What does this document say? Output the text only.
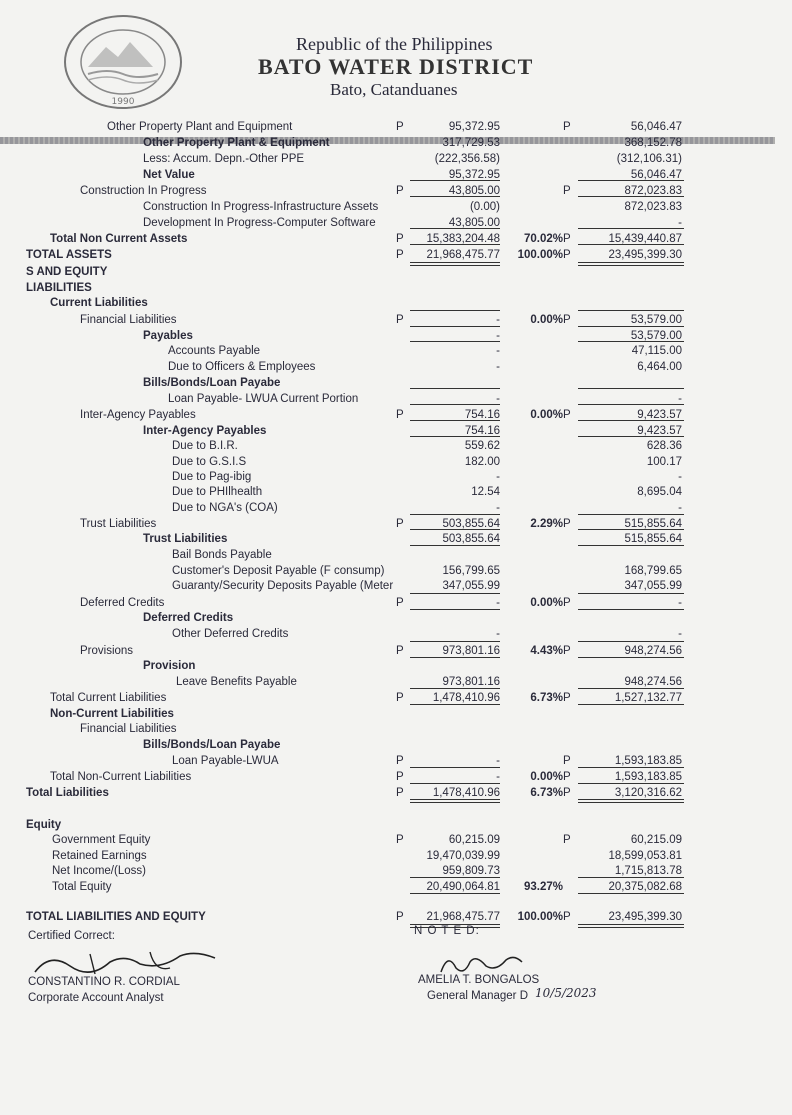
1990
Republic of the Philippines
BATO WATER DISTRICT
Bato, Catanduanes
Other Property Plant and Equipment	P	95,372.95	P	56,046.47
Other Property Plant & Equipment	317,729.53	368,152.78
Less: Accum. Depn.-Other PPE	(222,356.58)	(312,106.31)
Net Value	95,372.95	56,046.47
Construction In Progress	P	43,805.00	P	872,023.83
Construction In Progress-Infrastructure Assets	(0.00)	872,023.83
Development In Progress-Computer Software	43,805.00	-
Total Non Current Assets	P	15,383,204.48	70.02% P	15,439,440.87
TOTAL ASSETS	P	21,968,475.77	100.00% P	23,495,399.30
S AND EQUITY
LIABILITIES
Current Liabilities
Financial Liabilities	P	-	0.00% P	53,579.00
Payables	-	53,579.00
Accounts Payable	-	47,115.00
Due to Officers & Employees	-	6,464.00
Bills/Bonds/Loan Payabe
Loan Payable- LWUA Current Portion	-	-
Inter-Agency Payables	P	754.16	0.00% P	9,423.57
Inter-Agency Payables	754.16	9,423.57
Due to B.I.R.	559.62	628.36
Due to G.S.I.S	182.00	100.17
Due to Pag-ibig	-	-
Due to PHIlhealth	12.54	8,695.04
Due to NGA's (COA)	-	-
Trust Liabilities	P	503,855.64	2.29% P	515,855.64
Trust Liabilities	503,855.64	515,855.64
Bail Bonds Payable
Customer's Deposit Payable (F consump)	156,799.65	168,799.65
Guaranty/Security Deposits Payable (Meter	347,055.99	347,055.99
Deferred Credits	P	-	0.00% P	-
Deferred Credits
Other Deferred Credits	-	-
Provisions	P	973,801.16	4.43% P	948,274.56
Provision
Leave Benefits Payable	973,801.16	948,274.56
Total Current Liabilities	P	1,478,410.96	6.73% P	1,527,132.77
Non-Current Liabilities
Financial Liabilities
Bills/Bonds/Loan Payabe
Loan Payable-LWUA	P	-	P	1,593,183.85
Total Non-Current Liabilities	P	-	0.00% P	1,593,183.85
Total Liabilities	P	1,478,410.96	6.73% P	3,120,316.62
Equity
Government Equity	P	60,215.09	P	60,215.09
Retained Earnings	19,470,039.99	18,599,053.81
Net Income/(Loss)	959,809.73	1,715,813.78
Total Equity	20,490,064.81	93.27%	20,375,082.68
TOTAL LIABILITIES AND EQUITY	P	21,968,475.77	100.00% P	23,495,399.30
Certified Correct:	N O T E D:
CONSTANTINO R. CORDIAL
Corporate Account Analyst
AMELIA T. BONGALOS
General Manager D 10/5/2023
